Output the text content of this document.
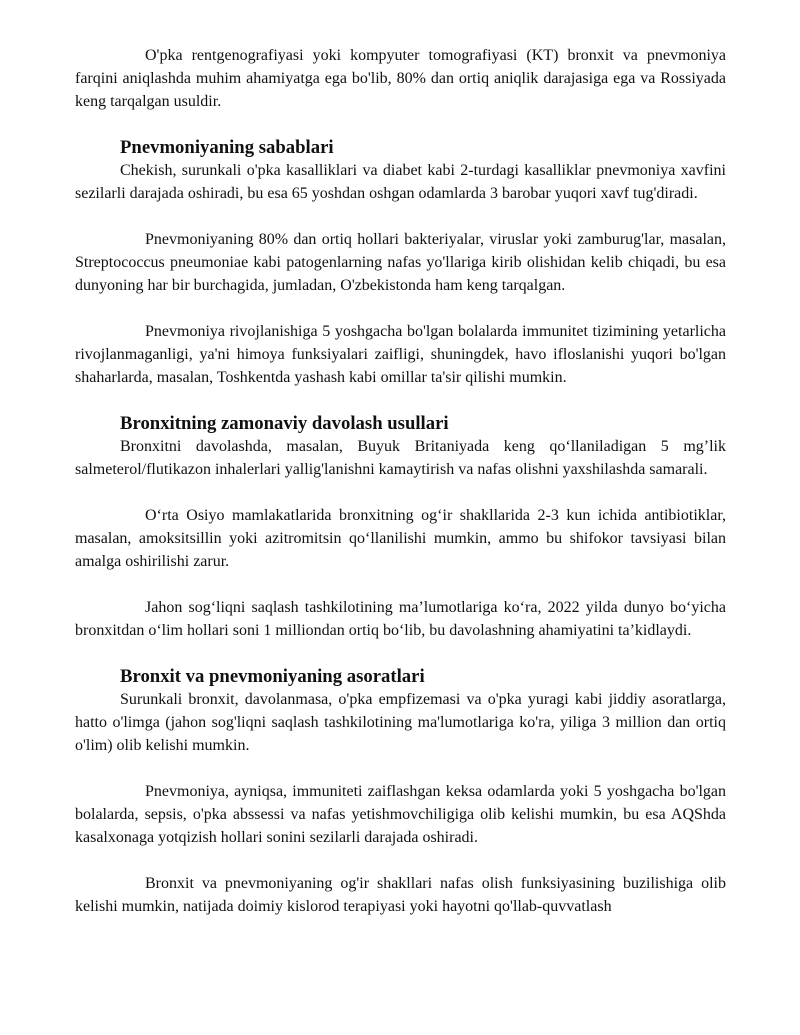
O'pka rentgenografiyasi yoki kompyuter tomografiyasi (KT) bronxit va pnevmoniya farqini aniqlashda muhim ahamiyatga ega bo'lib, 80% dan ortiq aniqlik darajasiga ega va Rossiyada keng tarqalgan usuldir.

Pnevmoniyaning sabablari

Chekish, surunkali o'pka kasalliklari va diabet kabi 2-turdagi kasalliklar pnevmoniya xavfini sezilarli darajada oshiradi, bu esa 65 yoshdan oshgan odamlarda 3 barobar yuqori xavf tug'diradi.

Pnevmoniyaning 80% dan ortiq hollari bakteriyalar, viruslar yoki zamburug'lar, masalan, Streptococcus pneumoniae kabi patogenlarning nafas yo'llariga kirib olishidan kelib chiqadi, bu esa dunyoning har bir burchagida, jumladan, O'zbekistonda ham keng tarqalgan.

Pnevmoniya rivojlanishiga 5 yoshgacha bo'lgan bolalarda immunitet tizimining yetarlicha rivojlanmaganligi, ya'ni himoya funksiyalari zaifligi, shuningdek, havo ifloslanishi yuqori bo'lgan shaharlarda, masalan, Toshkentda yashash kabi omillar ta'sir qilishi mumkin.

Bronxitning zamonaviy davolash usullari

Bronxitni davolashda, masalan, Buyuk Britaniyada keng qo‘llaniladigan 5 mg’lik salmeterol/flutikazon inhalerlari yallig'lanishni kamaytirish va nafas olishni yaxshilashda samarali.

O‘rta Osiyo mamlakatlarida bronxitning og‘ir shakllarida 2-3 kun ichida antibiotiklar, masalan, amoksitsillin yoki azitromitsin qo‘llanilishi mumkin, ammo bu shifokor tavsiyasi bilan amalga oshirilishi zarur.

Jahon sog‘liqni saqlash tashkilotining ma’lumotlariga ko‘ra, 2022 yilda dunyo bo‘yicha bronxitdan o‘lim hollari soni 1 milliondan ortiq bo‘lib, bu davolashning ahamiyatini ta’kidlaydi.

Bronxit va pnevmoniyaning asoratlari

Surunkali bronxit, davolanmasa, o'pka empfizemasi va o'pka yuragi kabi jiddiy asoratlarga, hatto o'limga (jahon sog'liqni saqlash tashkilotining ma'lumotlariga ko'ra, yiliga 3 million dan ortiq o'lim) olib kelishi mumkin.

Pnevmoniya, ayniqsa, immuniteti zaiflashgan keksa odamlarda yoki 5 yoshgacha bo'lgan bolalarda, sepsis, o'pka abssessi va nafas yetishmovchiligiga olib kelishi mumkin, bu esa AQShda kasalxonaga yotqizish hollari sonini sezilarli darajada oshiradi.

Bronxit va pnevmoniyaning og'ir shakllari nafas olish funksiyasining buzilishiga olib kelishi mumkin, natijada doimiy kislorod terapiyasi yoki hayotni qo'llab-quvvatlash
